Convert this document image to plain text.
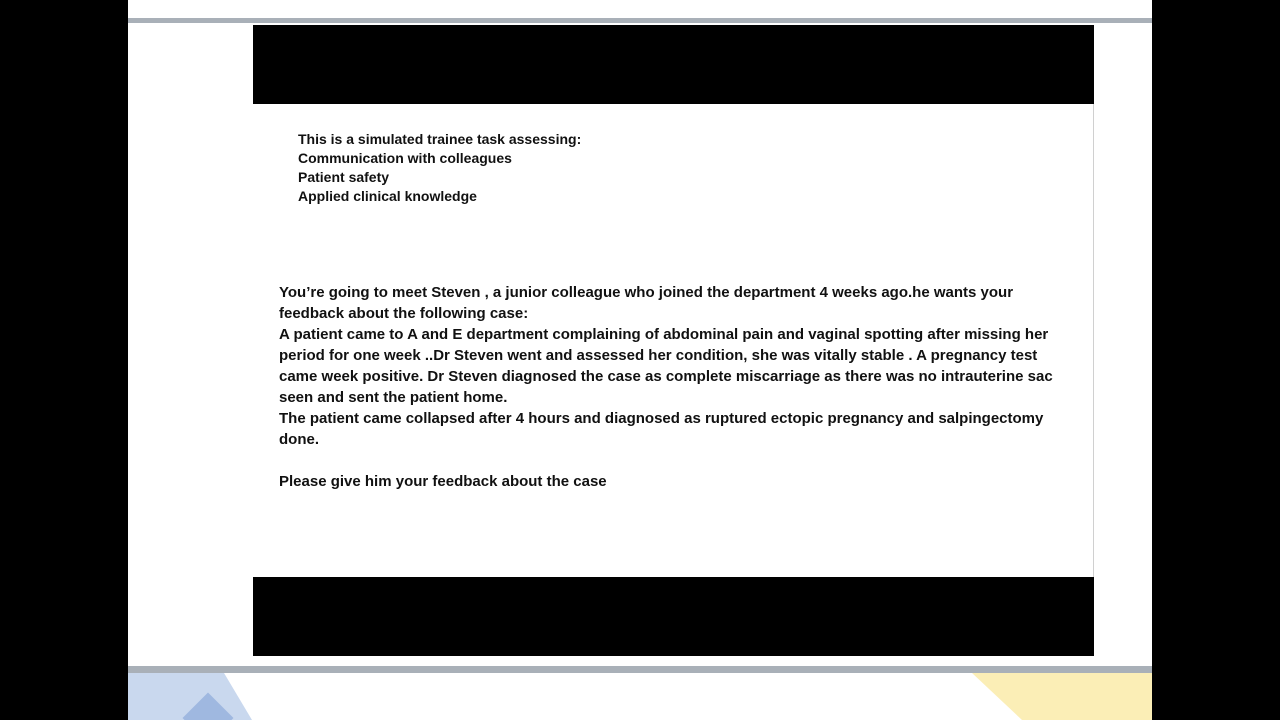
This is a simulated trainee task assessing:
Communication with colleagues
Patient safety
Applied clinical knowledge

You’re going to meet Steven , a junior colleague who joined the department 4 weeks ago.he wants your feedback about the following case:

A patient came to A and E department complaining of abdominal pain and vaginal spotting after missing her period for one week ..Dr Steven went and assessed her condition, she was vitally stable . A pregnancy test came week positive. Dr Steven diagnosed the case as complete miscarriage as there was no intrauterine sac seen and sent the patient home.

The patient came collapsed after 4 hours and diagnosed as ruptured ectopic pregnancy and salpingectomy done.

Please give him your feedback about the case
